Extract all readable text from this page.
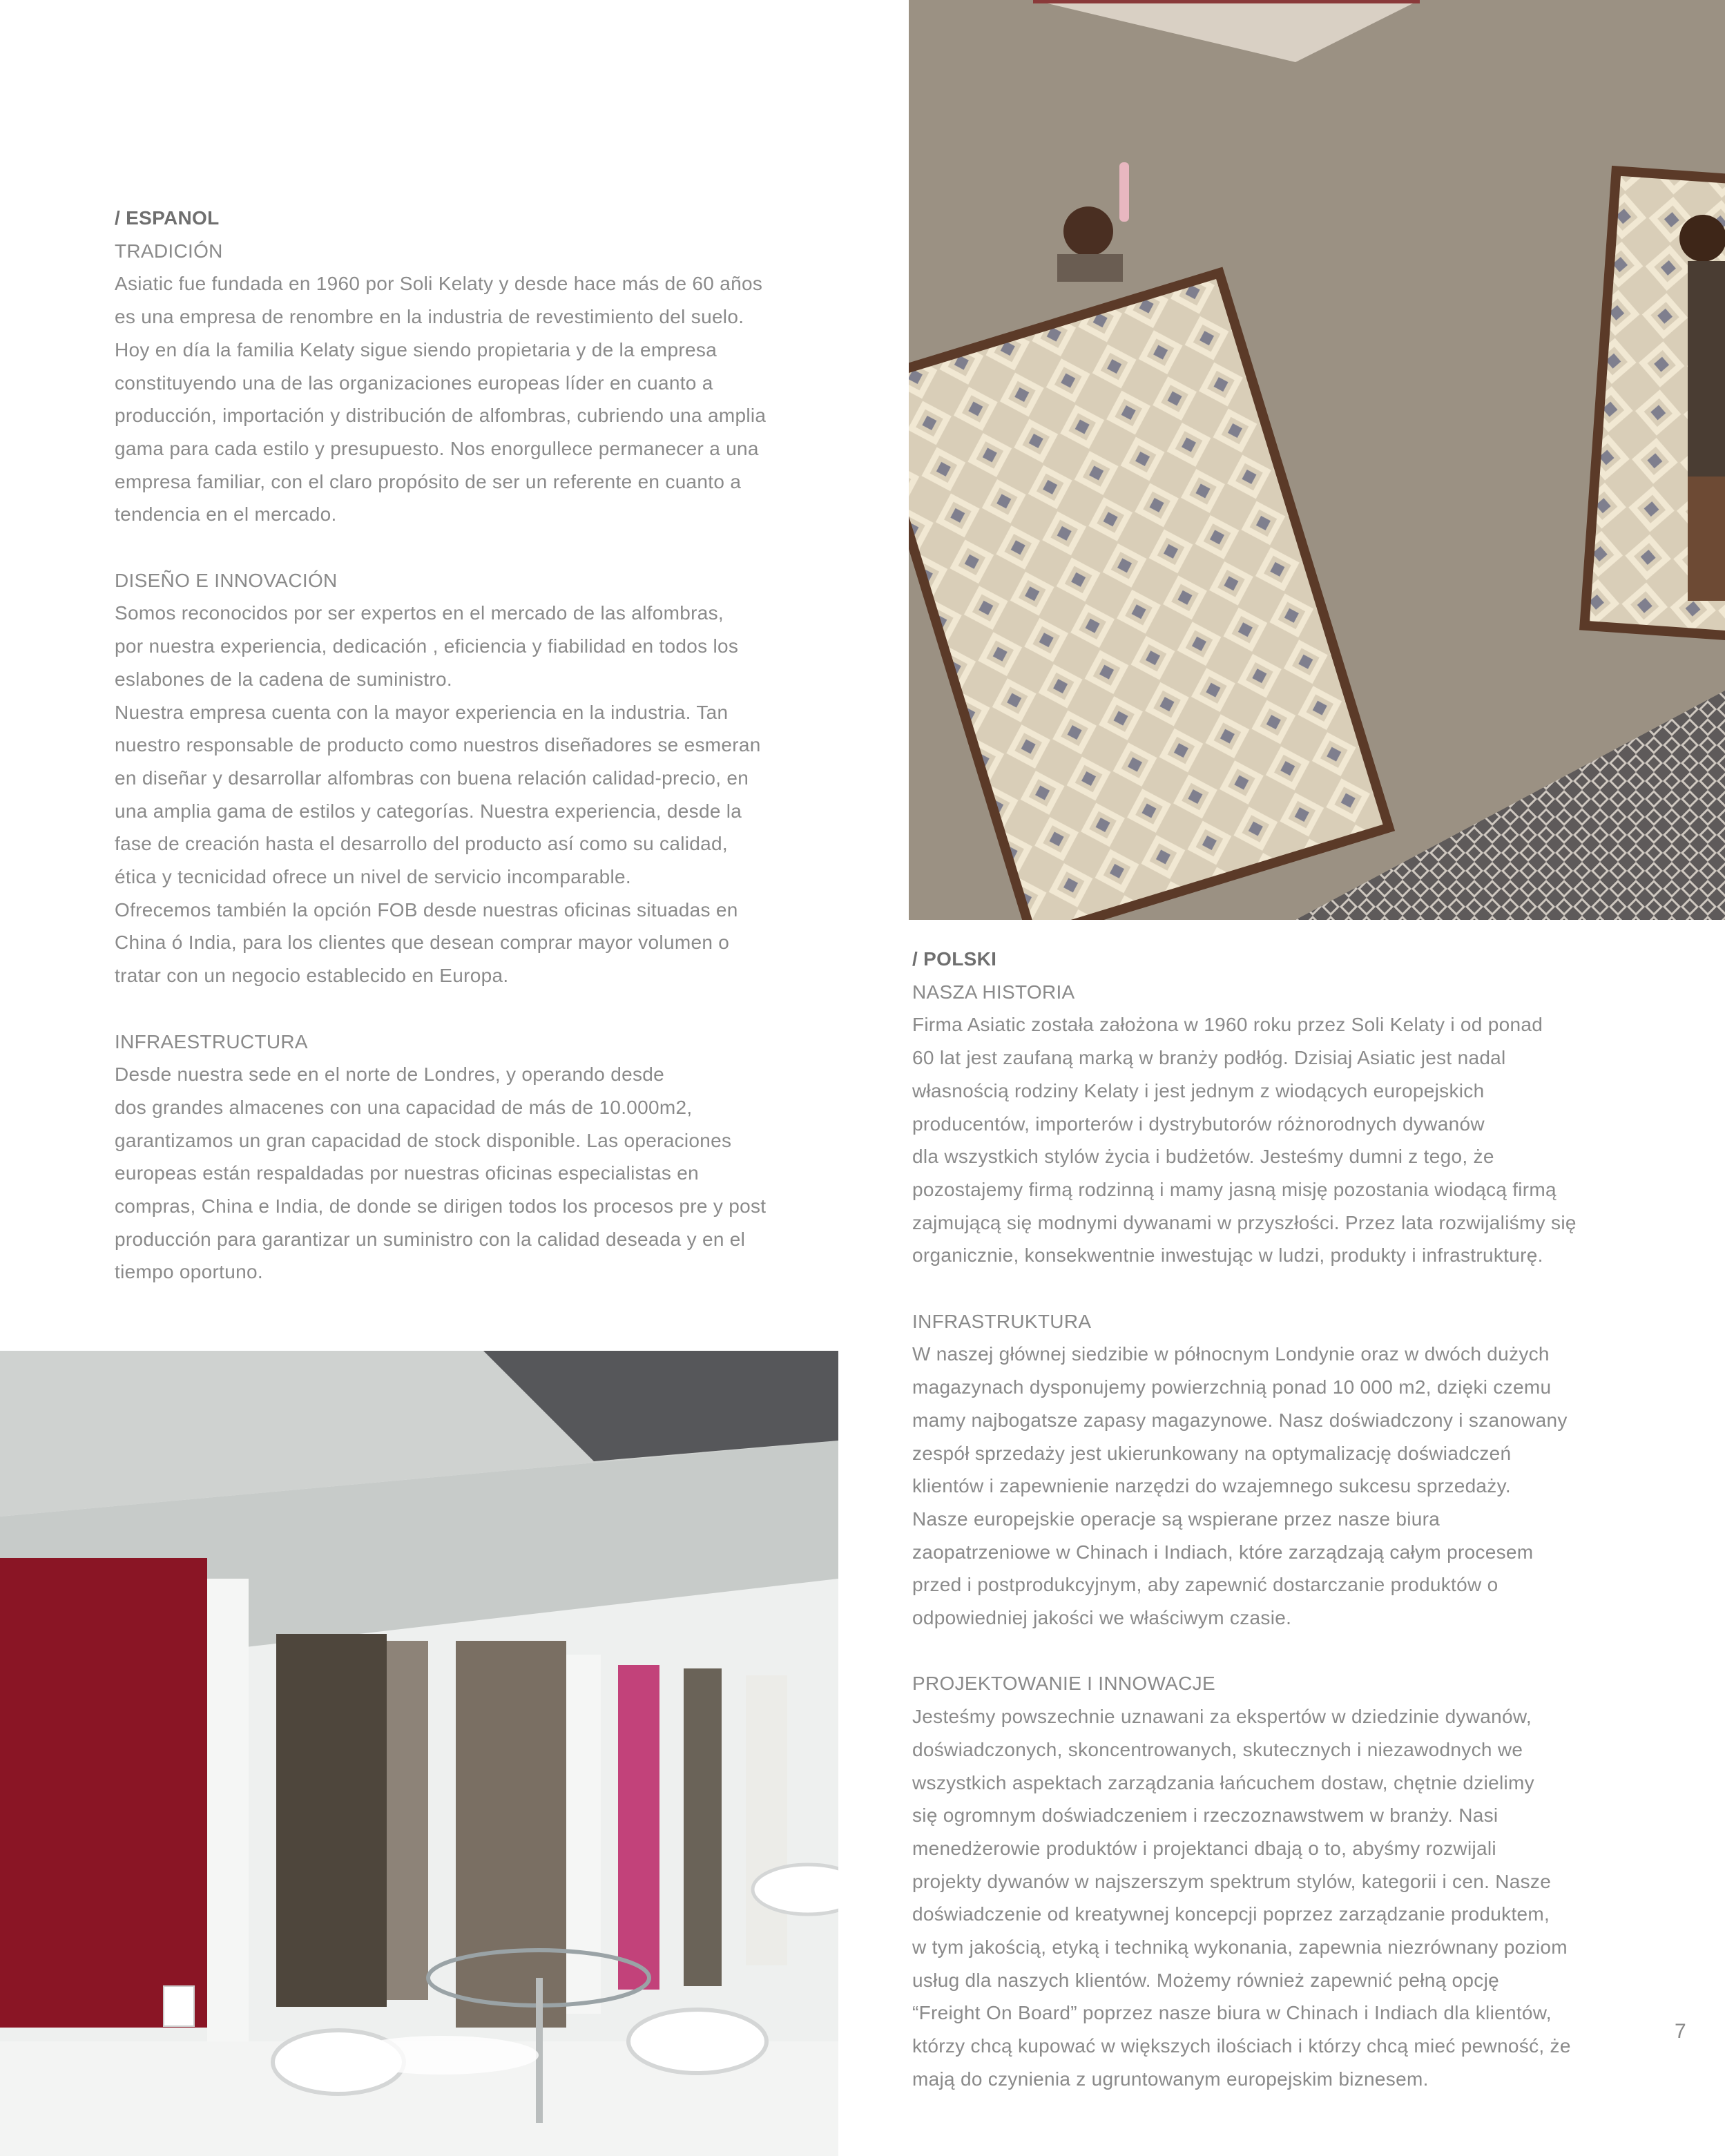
/ ESPANOL

TRADICIÓN

Asiatic fue fundada en 1960 por Soli Kelaty y desde hace más de 60 años
es una empresa de renombre en la industria de revestimiento del suelo.
Hoy en día la familia Kelaty sigue siendo propietaria y de la empresa
constituyendo una de las organizaciones europeas líder en cuanto a
producción, importación y distribución de alfombras, cubriendo una amplia
gama para cada estilo y presupuesto. Nos enorgullece permanecer a una
empresa familiar, con el claro propósito de ser un referente en cuanto a
tendencia en el mercado.

DISEÑO E INNOVACIÓN

Somos reconocidos por ser expertos en el mercado de las alfombras,
por nuestra experiencia, dedicación , eficiencia y fiabilidad en todos los
eslabones de la cadena de suministro.
Nuestra empresa cuenta con la mayor experiencia en la industria. Tan
nuestro responsable de producto como nuestros diseñadores se esmeran
en diseñar y desarrollar alfombras con buena relación calidad-precio, en
una amplia gama de estilos y categorías. Nuestra experiencia, desde la
fase de creación hasta el desarrollo del producto así como su calidad,
ética y tecnicidad ofrece un nivel de servicio incomparable.
Ofrecemos también la opción FOB desde nuestras oficinas situadas en
China ó India, para los clientes que desean comprar mayor volumen o
tratar con un negocio establecido en Europa.

INFRAESTRUCTURA

Desde nuestra sede en el norte de Londres, y operando desde
dos grandes almacenes con una capacidad de más de 10.000m2,
garantizamos un gran capacidad de stock disponible. Las operaciones
europeas están respaldadas por nuestras oficinas especialistas en
compras, China e India, de donde se dirigen todos los procesos pre y post
producción para garantizar un suministro con la calidad deseada y en el
tiempo oportuno.

/ POLSKI

NASZA HISTORIA

Firma Asiatic została założona w 1960 roku przez Soli Kelaty i od ponad
60 lat jest zaufaną marką w branży podłóg. Dzisiaj Asiatic jest nadal
własnością rodziny Kelaty i jest jednym z wiodących europejskich
producentów, importerów i dystrybutorów różnorodnych dywanów
dla wszystkich stylów życia i budżetów. Jesteśmy dumni z tego, że
pozostajemy firmą rodzinną i mamy jasną misję pozostania wiodącą firmą
zajmującą się modnymi dywanami w przyszłości. Przez lata rozwijaliśmy się
organicznie, konsekwentnie inwestując w ludzi, produkty i infrastrukturę.

INFRASTRUKTURA

W naszej głównej siedzibie w północnym Londynie oraz w dwóch dużych
magazynach dysponujemy powierzchnią ponad 10 000 m2, dzięki czemu
mamy najbogatsze zapasy magazynowe. Nasz doświadczony i szanowany
zespół sprzedaży jest ukierunkowany na optymalizację doświadczeń
klientów i zapewnienie narzędzi do wzajemnego sukcesu sprzedaży.
Nasze europejskie operacje są wspierane przez nasze biura
zaopatrzeniowe w Chinach i Indiach, które zarządzają całym procesem
przed i postprodukcyjnym, aby zapewnić dostarczanie produktów o
odpowiedniej jakości we właściwym czasie.

PROJEKTOWANIE I INNOWACJE

Jesteśmy powszechnie uznawani za ekspertów w dziedzinie dywanów,
doświadczonych, skoncentrowanych, skutecznych i niezawodnych we
wszystkich aspektach zarządzania łańcuchem dostaw, chętnie dzielimy
się ogromnym doświadczeniem i rzeczoznawstwem w branży. Nasi
menedżerowie produktów i projektanci dbają o to, abyśmy rozwijali
projekty dywanów w najszerszym spektrum stylów, kategorii i cen. Nasze
doświadczenie od kreatywnej koncepcji poprzez zarządzanie produktem,
w tym jakością, etyką i techniką wykonania, zapewnia niezrównany poziom
usług dla naszych klientów. Możemy również zapewnić pełną opcję
“Freight On Board” poprzez nasze biura w Chinach i Indiach dla klientów,
którzy chcą kupować w większych ilościach i którzy chcą mieć pewność, że
mają do czynienia z ugruntowanym europejskim biznesem.

7
